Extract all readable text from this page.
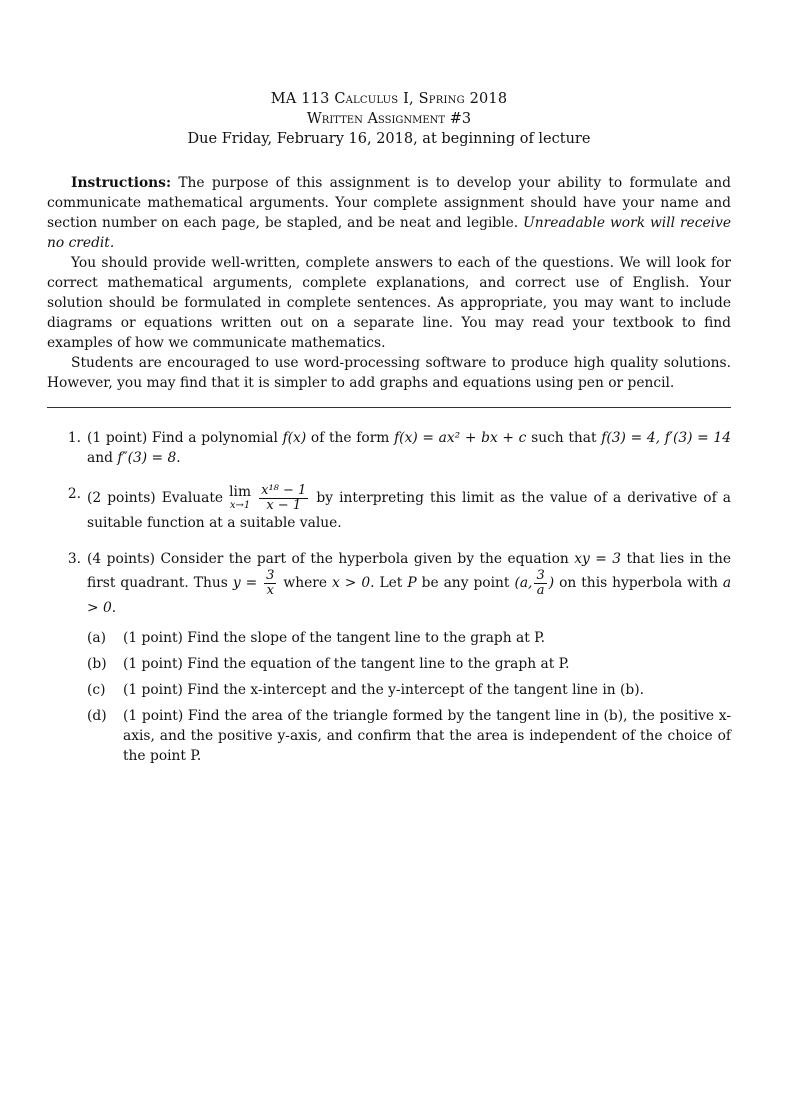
MA 113 Calculus I, Spring 2018
Written Assignment #3
Due Friday, February 16, 2018, at beginning of lecture

Instructions: The purpose of this assignment is to develop your ability to formulate and communicate mathematical arguments. Your complete assignment should have your name and section number on each page, be stapled, and be neat and legible. Unreadable work will receive no credit.

You should provide well-written, complete answers to each of the questions. We will look for correct mathematical arguments, complete explanations, and correct use of English. Your solution should be formulated in complete sentences. As appropriate, you may want to include diagrams or equations written out on a separate line. You may read your textbook to find examples of how we communicate mathematics.

Students are encouraged to use word-processing software to produce high quality solutions. However, you may find that it is simpler to add graphs and equations using pen or pencil.

1. (1 point) Find a polynomial f(x) of the form f(x) = ax² + bx + c such that f(3) = 4, f′(3) = 14 and f″(3) = 8.
2. (2 points) Evaluate lim
x→1
$\frac{\text{x¹⁸ − 1}}{x - 1}$ by interpreting this limit as the value of a derivative of a suitable function at a suitable value.
3. (4 points) Consider the part of the hyperbola given by the equation xy = 3 that lies in the first quadrant. Thus $y = \frac{3}{x}$ where x > 0. Let P be any point (a, $\frac{3}{a}$ ) on this hyperbola with a > 0.
(a)	(1 point) Find the slope of the tangent line to the graph at P.
(b)	(1 point) Find the equation of the tangent line to the graph at P.
(c)	(1 point) Find the x-intercept and the y-intercept of the tangent line in (b).
(d)	(1 point) Find the area of the triangle formed by the tangent line in (b), the positive x-axis, and the positive y-axis, and confirm that the area is independent of the choice of the point P.
